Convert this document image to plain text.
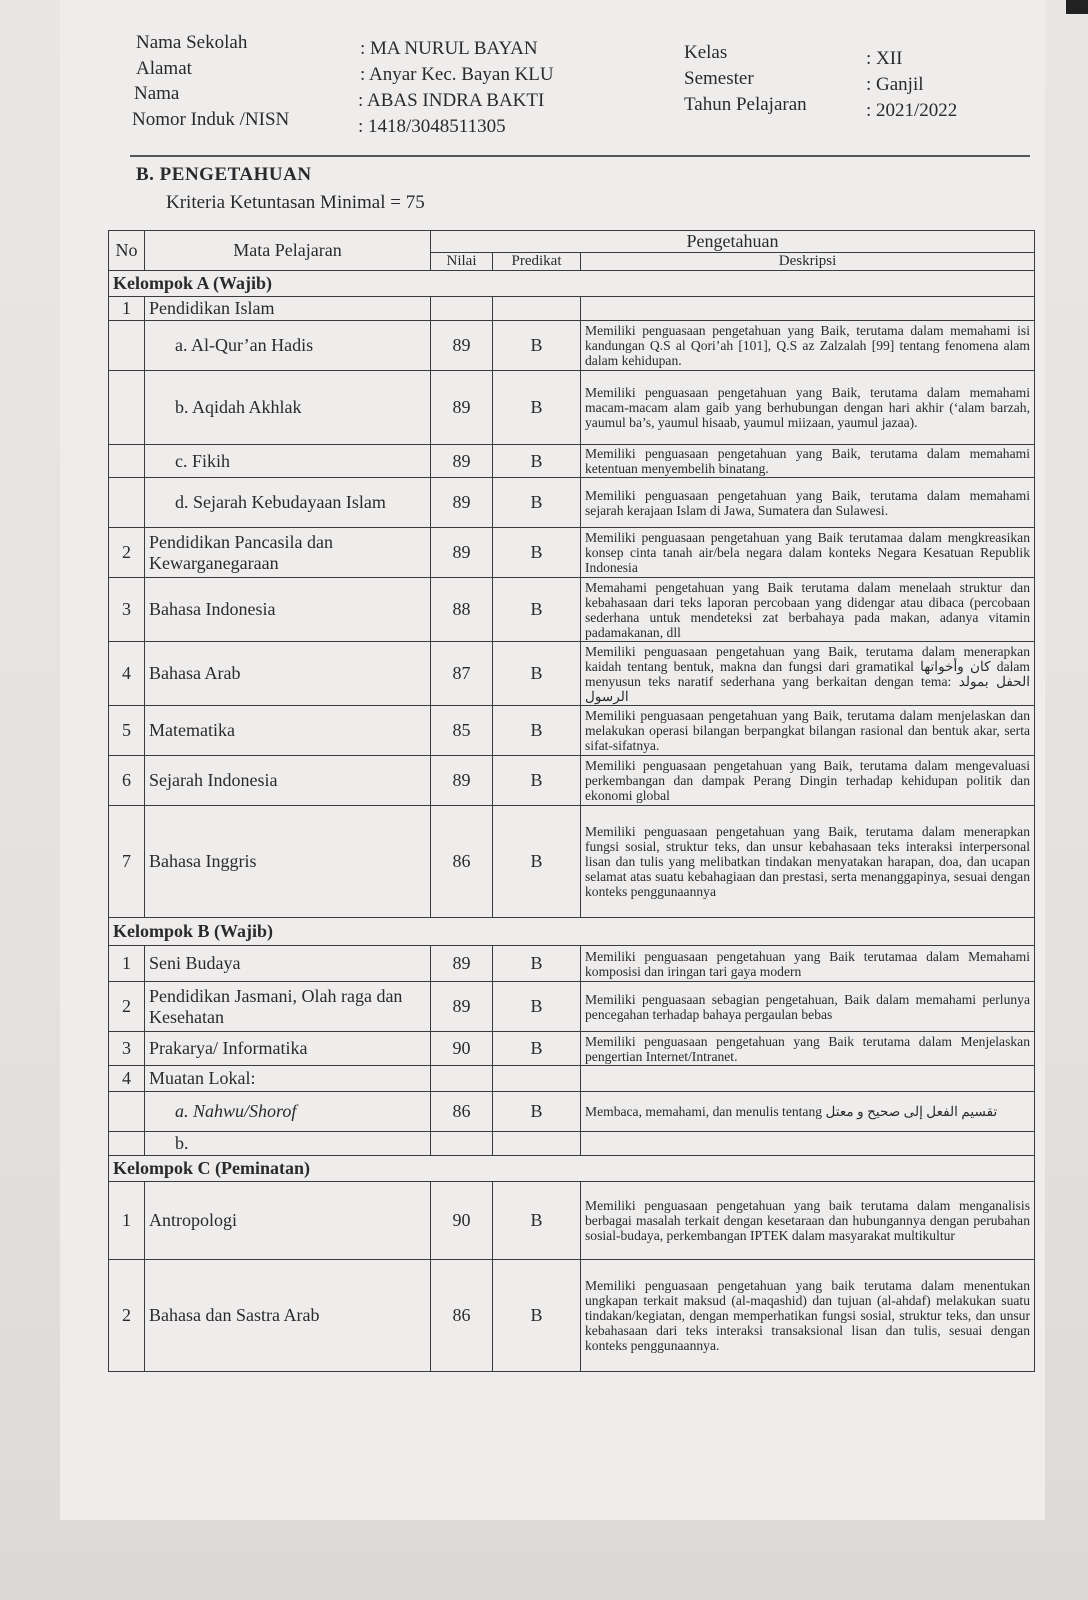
Nama Sekolah	: MA NURUL BAYAN
Alamat	: Anyar Kec. Bayan KLU
Nama	: ABAS INDRA BAKTI
Nomor Induk /NISN	: 1418/3048511305
Kelas	: XII
Semester	: Ganjil
Tahun Pelajaran	: 2021/2022
B. PENGETAHUAN
Kriteria Ketuntasan Minimal = 75
No	Mata Pelajaran	Pengetahuan		
		Nilai	Predikat	Deskripsi
Kelompok A (Wajib)				
1	Pendidikan Islam			
	a. Al-Qur’an Hadis	89	B	Memiliki penguasaan pengetahuan yang Baik, terutama dalam memahami isi kandungan Q.S al Qori’ah [101], Q.S az Zalzalah [99] tentang fenomena alam dalam kehidupan.
	b. Aqidah Akhlak	89	B	Memiliki penguasaan pengetahuan yang Baik, terutama dalam memahami macam-macam alam gaib yang berhubungan dengan hari akhir (‘alam barzah, yaumul ba’s, yaumul hisaab, yaumul miizaan, yaumul jazaa).
	c. Fikih	89	B	Memiliki penguasaan pengetahuan yang Baik, terutama dalam memahami ketentuan menyembelih binatang.
	d. Sejarah Kebudayaan Islam	89	B	Memiliki penguasaan pengetahuan yang Baik, terutama dalam memahami sejarah kerajaan Islam di Jawa, Sumatera dan Sulawesi.
2	Pendidikan Pancasila dan Kewarganegaraan	89	B	Memiliki penguasaan pengetahuan yang Baik terutamaa dalam mengkreasikan konsep cinta tanah air/bela negara dalam konteks Negara Kesatuan Republik Indonesia
3	Bahasa Indonesia	88	B	Memahami pengetahuan yang Baik terutama dalam menelaah struktur dan kebahasaan dari teks laporan percobaan yang didengar atau dibaca (percobaan sederhana untuk mendeteksi zat berbahaya pada makan, adanya vitamin padamakanan, dll
4	Bahasa Arab	87	B	Memiliki penguasaan pengetahuan yang Baik, terutama dalam menerapkan kaidah tentang bentuk, makna dan fungsi dari gramatikal كان وأخواتها dalam menyusun teks naratif sederhana yang berkaitan dengan tema: الحفل بمولد الرسول
5	Matematika	85	B	Memiliki penguasaan pengetahuan yang Baik, terutama dalam menjelaskan dan melakukan operasi bilangan berpangkat bilangan rasional dan bentuk akar, serta sifat-sifatnya.
6	Sejarah Indonesia	89	B	Memiliki penguasaan pengetahuan yang Baik, terutama dalam mengevaluasi perkembangan dan dampak Perang Dingin terhadap kehidupan politik dan ekonomi global
7	Bahasa Inggris	86	B	Memiliki penguasaan pengetahuan yang Baik, terutama dalam menerapkan fungsi sosial, struktur teks, dan unsur kebahasaan teks interaksi interpersonal lisan dan tulis yang melibatkan tindakan menyatakan harapan, doa, dan ucapan selamat atas suatu kebahagiaan dan prestasi, serta menanggapinya, sesuai dengan konteks penggunaannya
Kelompok B (Wajib)				
1	Seni Budaya	89	B	Memiliki penguasaan pengetahuan yang Baik terutamaa dalam Memahami komposisi dan iringan tari gaya modern
2	Pendidikan Jasmani, Olah raga dan Kesehatan	89	B	Memiliki penguasaan sebagian pengetahuan, Baik dalam memahami perlunya pencegahan terhadap bahaya pergaulan bebas
3	Prakarya/ Informatika	90	B	Memiliki penguasaan pengetahuan yang Baik terutama dalam Menjelaskan pengertian Internet/Intranet.
4	Muatan Lokal:			
	a. Nahwu/Shorof	86	B	Membaca, memahami, dan menulis tentang تقسيم الفعل إلى صحيح و معتل
	b.			
Kelompok C (Peminatan)				
1	Antropologi	90	B	Memiliki penguasaan pengetahuan yang baik terutama dalam menganalisis berbagai masalah terkait dengan kesetaraan dan hubungannya dengan perubahan sosial-budaya, perkembangan IPTEK dalam masyarakat multikultur
2	Bahasa dan Sastra Arab	86	B	Memiliki penguasaan pengetahuan yang baik terutama dalam menentukan ungkapan terkait maksud (al-maqashid) dan tujuan (al-ahdaf) melakukan suatu tindakan/kegiatan, dengan memperhatikan fungsi sosial, struktur teks, dan unsur kebahasaan dari teks interaksi transaksional lisan dan tulis, sesuai dengan konteks penggunaannya.
